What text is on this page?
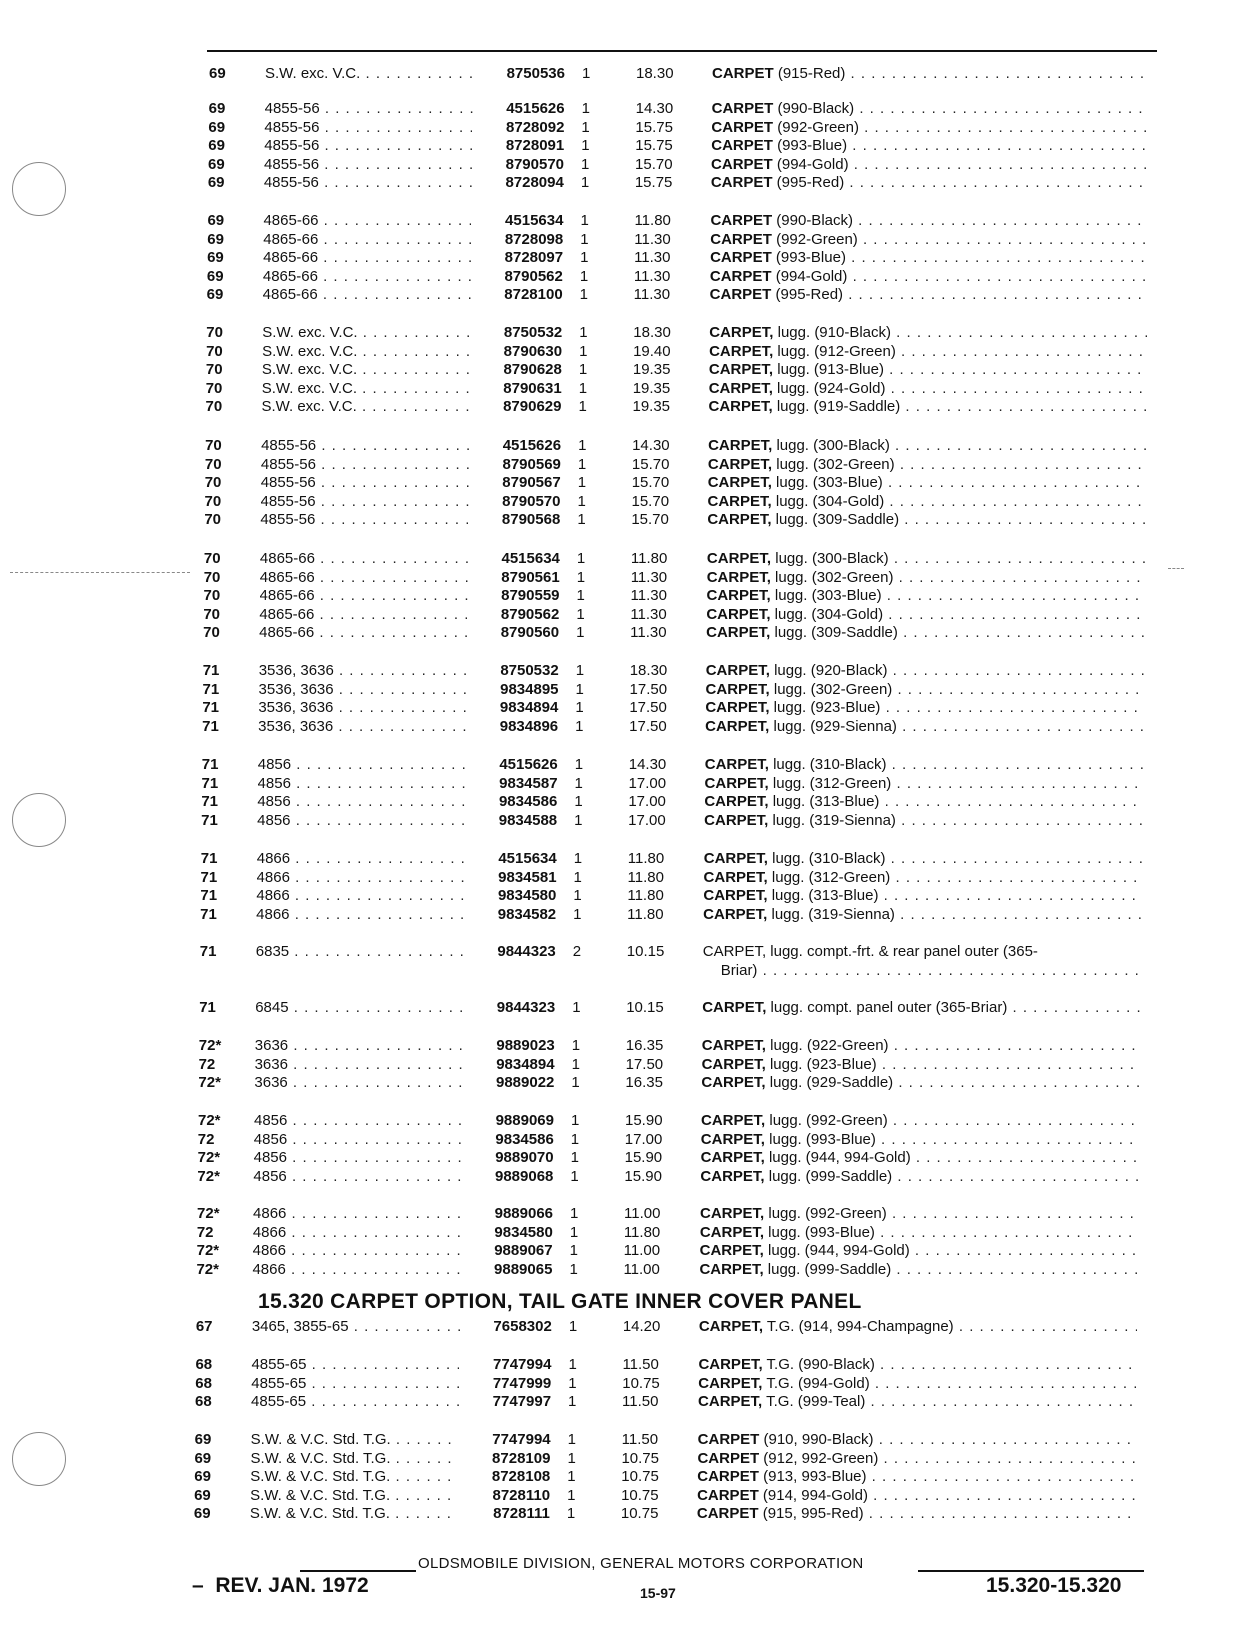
69	S.W. exc. V.C. . . .	8750536 1	18.30	CARPET (915-Red) . . .
69	4855-56 . . .	4515626 1	14.30	CARPET (990-Black) . . .
69	4855-56 . . .	8728092 1	15.75	CARPET (992-Green) . . .
69	4855-56 . . .	8728091 1	15.75	CARPET (993-Blue) . . .
69	4855-56 . . .	8790570 1	15.70	CARPET (994-Gold) . . .
69	4855-56 . . .	8728094 1	15.75	CARPET (995-Red) . . .
69	4865-66 . . .	4515634 1	11.80	CARPET (990-Black) . . .
69	4865-66 . . .	8728098 1	11.30	CARPET (992-Green) . . .
69	4865-66 . . .	8728097 1	11.30	CARPET (993-Blue) . . .
69	4865-66 . . .	8790562 1	11.30	CARPET (994-Gold) . . .
69	4865-66 . . .	8728100 1	11.30	CARPET (995-Red) . . .
70	S.W. exc. V.C. . . .	8750532 1	18.30	CARPET, lugg. (910-Black) . . .
70	S.W. exc. V.C. . . .	8790630 1	19.40	CARPET, lugg. (912-Green) . . .
70	S.W. exc. V.C. . . .	8790628 1	19.35	CARPET, lugg. (913-Blue) . . .
70	S.W. exc. V.C. . . .	8790631 1	19.35	CARPET, lugg. (924-Gold) . . .
70	S.W. exc. V.C. . . .	8790629 1	19.35	CARPET, lugg. (919-Saddle) . . .
70	4855-56 . . .	4515626 1	14.30	CARPET, lugg. (300-Black) . . .
70	4855-56 . . .	8790569 1	15.70	CARPET, lugg. (302-Green) . . .
70	4855-56 . . .	8790567 1	15.70	CARPET, lugg. (303-Blue) . . .
70	4855-56 . . .	8790570 1	15.70	CARPET, lugg. (304-Gold) . . .
70	4855-56 . . .	8790568 1	15.70	CARPET, lugg. (309-Saddle) . . .
70	4865-66 . . .	4515634 1	11.80	CARPET, lugg. (300-Black) . . .
70	4865-66 . . .	8790561 1	11.30	CARPET, lugg. (302-Green) . . .
70	4865-66 . . .	8790559 1	11.30	CARPET, lugg. (303-Blue) . . .
70	4865-66 . . .	8790562 1	11.30	CARPET, lugg. (304-Gold) . . .
70	4865-66 . . .	8790560 1	11.30	CARPET, lugg. (309-Saddle) . . .
71	3536, 3636 . . .	8750532 1	18.30	CARPET, lugg. (920-Black) . . .
71	3536, 3636 . . .	9834895 1	17.50	CARPET, lugg. (302-Green) . . .
71	3536, 3636 . . .	9834894 1	17.50	CARPET, lugg. (923-Blue) . . .
71	3536, 3636 . . .	9834896 1	17.50	CARPET, lugg. (929-Sienna) . . .
71	4856 . . .	4515626 1	14.30	CARPET, lugg. (310-Black) . . .
71	4856 . . .	9834587 1	17.00	CARPET, lugg. (312-Green) . . .
71	4856 . . .	9834586 1	17.00	CARPET, lugg. (313-Blue) . . .
71	4856 . . .	9834588 1	17.00	CARPET, lugg. (319-Sienna) . . .
71	4866 . . .	4515634 1	11.80	CARPET, lugg. (310-Black) . . .
71	4866 . . .	9834581 1	11.80	CARPET, lugg. (312-Green) . . .
71	4866 . . .	9834580 1	11.80	CARPET, lugg. (313-Blue) . . .
71	4866 . . .	9834582 1	11.80	CARPET, lugg. (319-Sienna) . . .
71	6835 . . .	9844323 2	10.15	CARPET, lugg. compt.-frt. & rear panel outer (365-
Briar) . . .
71	6845 . . .	9844323 1	10.15	CARPET, lugg. compt. panel outer (365-Briar) . . .
72*	3636 . . .	9889023 1	16.35	CARPET, lugg. (922-Green) . . .
72	3636 . . .	9834894 1	17.50	CARPET, lugg. (923-Blue) . . .
72*	3636 . . .	9889022 1	16.35	CARPET, lugg. (929-Saddle) . . .
72*	4856 . . .	9889069 1	15.90	CARPET, lugg. (992-Green) . . .
72	4856 . . .	9834586 1	17.00	CARPET, lugg. (993-Blue) . . .
72*	4856 . . .	9889070 1	15.90	CARPET, lugg. (944, 994-Gold) . . .
72*	4856 . . .	9889068 1	15.90	CARPET, lugg. (999-Saddle) . . .
72*	4866 . . .	9889066 1	11.00	CARPET, lugg. (992-Green) . . .
72	4866 . . .	9834580 1	11.80	CARPET, lugg. (993-Blue) . . .
72*	4866 . . .	9889067 1	11.00	CARPET, lugg. (944, 994-Gold) . . .
72*	4866 . . .	9889065 1	11.00	CARPET, lugg. (999-Saddle) . . .
67	3465, 3855-65 . . .	7658302 1	14.20	CARPET, T.G. (914, 994-Champagne) . . .
68	4855-65 . . .	7747994 1	11.50	CARPET, T.G. (990-Black) . . .
68	4855-65 . . .	7747999 1	10.75	CARPET, T.G. (994-Gold) . . .
68	4855-65 . . .	7747997 1	11.50	CARPET, T.G. (999-Teal) . . .
69	S.W. & V.C. Std. T.G. . . .	7747994 1	11.50	CARPET (910, 990-Black) . . .
69	S.W. & V.C. Std. T.G. . . .	8728109 1	10.75	CARPET (912, 992-Green) . . .
69	S.W. & V.C. Std. T.G. . . .	8728108 1	10.75	CARPET (913, 993-Blue) . . .
69	S.W. & V.C. Std. T.G. . . .	8728110 1	10.75	CARPET (914, 994-Gold) . . .
69	S.W. & V.C. Std. T.G. . . .	8728111 1	10.75	CARPET (915, 995-Red) . . .
15.320 CARPET OPTION, TAIL GATE INNER COVER PANEL
OLDSMOBILE DIVISION, GENERAL MOTORS CORPORATION
–  REV. JAN. 1972	15-97	15.320-15.320
